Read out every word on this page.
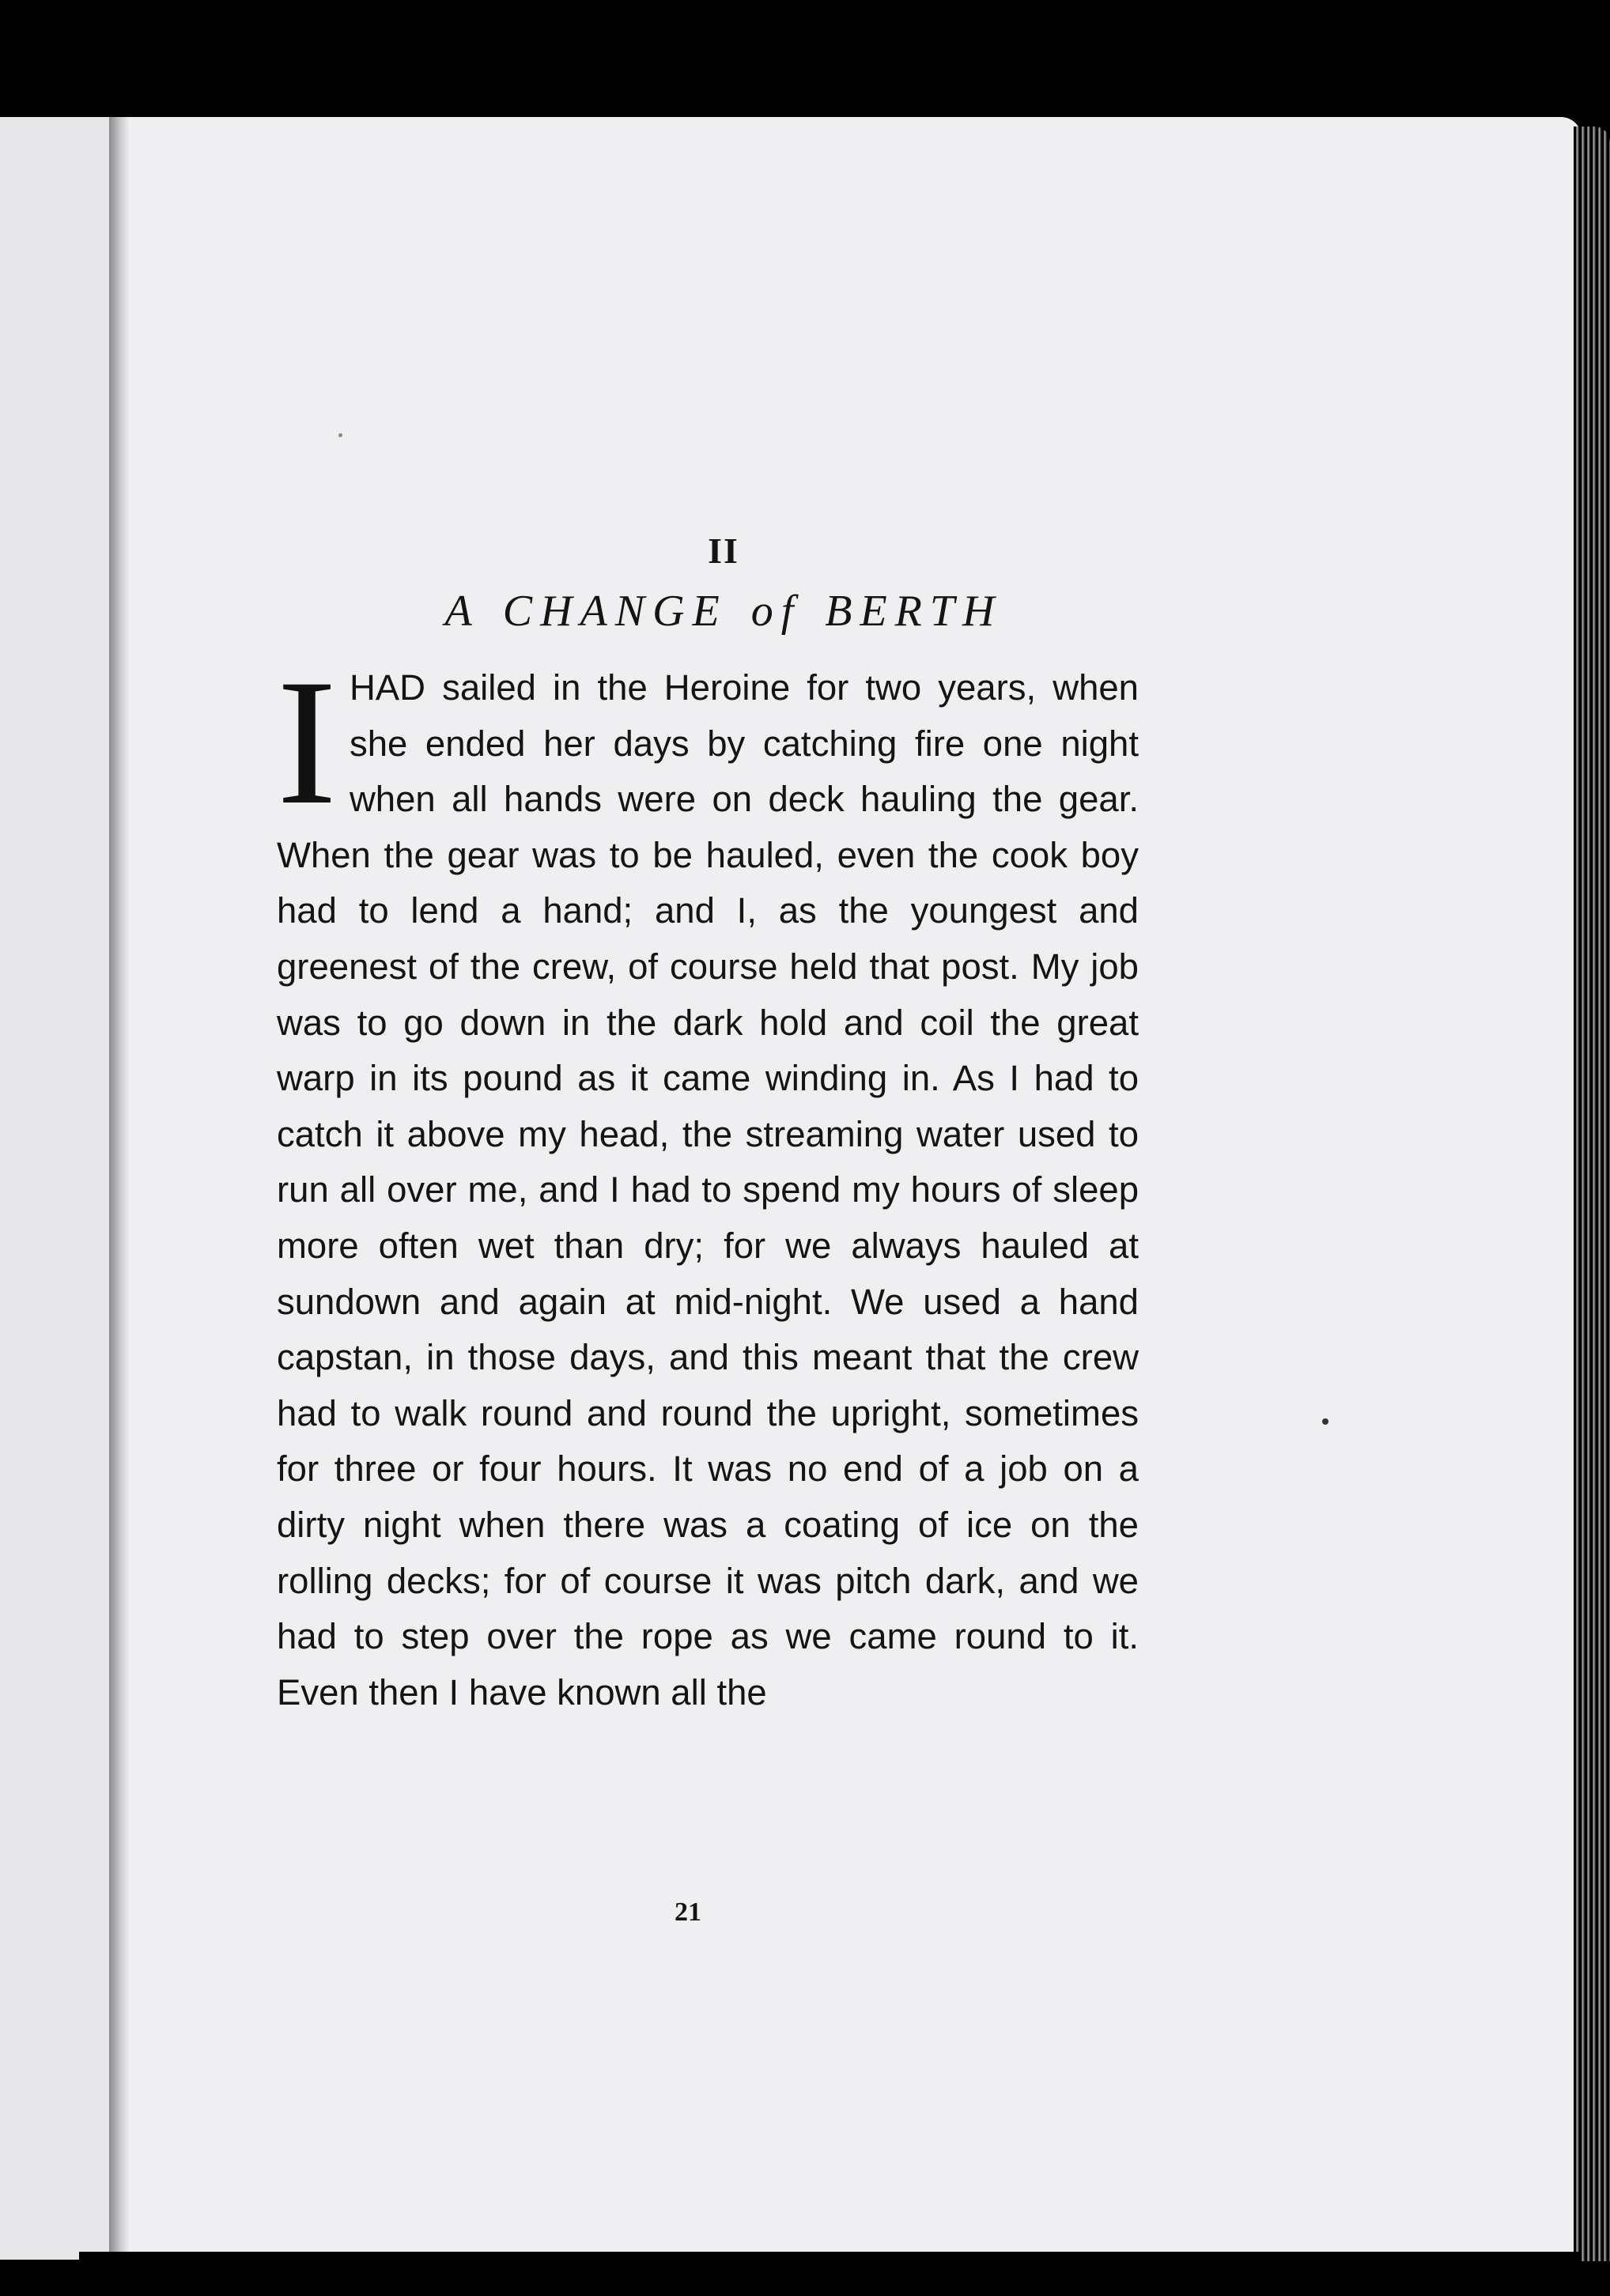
II
A CHANGE of BERTH

IHAD sailed in the Heroine for two years, when she ended her days by catching fire one night when all hands were on deck hauling the gear. When the gear was to be hauled, even the cook boy had to lend a hand; and I, as the youngest and greenest of the crew, of course held that post. My job was to go down in the dark hold and coil the great warp in its pound as it came winding in. As I had to catch it above my head, the streaming water used to run all over me, and I had to spend my hours of sleep more often wet than dry; for we always hauled at sundown and again at mid-night. We used a hand capstan, in those days, and this meant that the crew had to walk round and round the upright, sometimes for three or four hours. It was no end of a job on a dirty night when there was a coating of ice on the rolling decks; for of course it was pitch dark, and we had to step over the rope as we came round to it. Even then I have known all the

21
